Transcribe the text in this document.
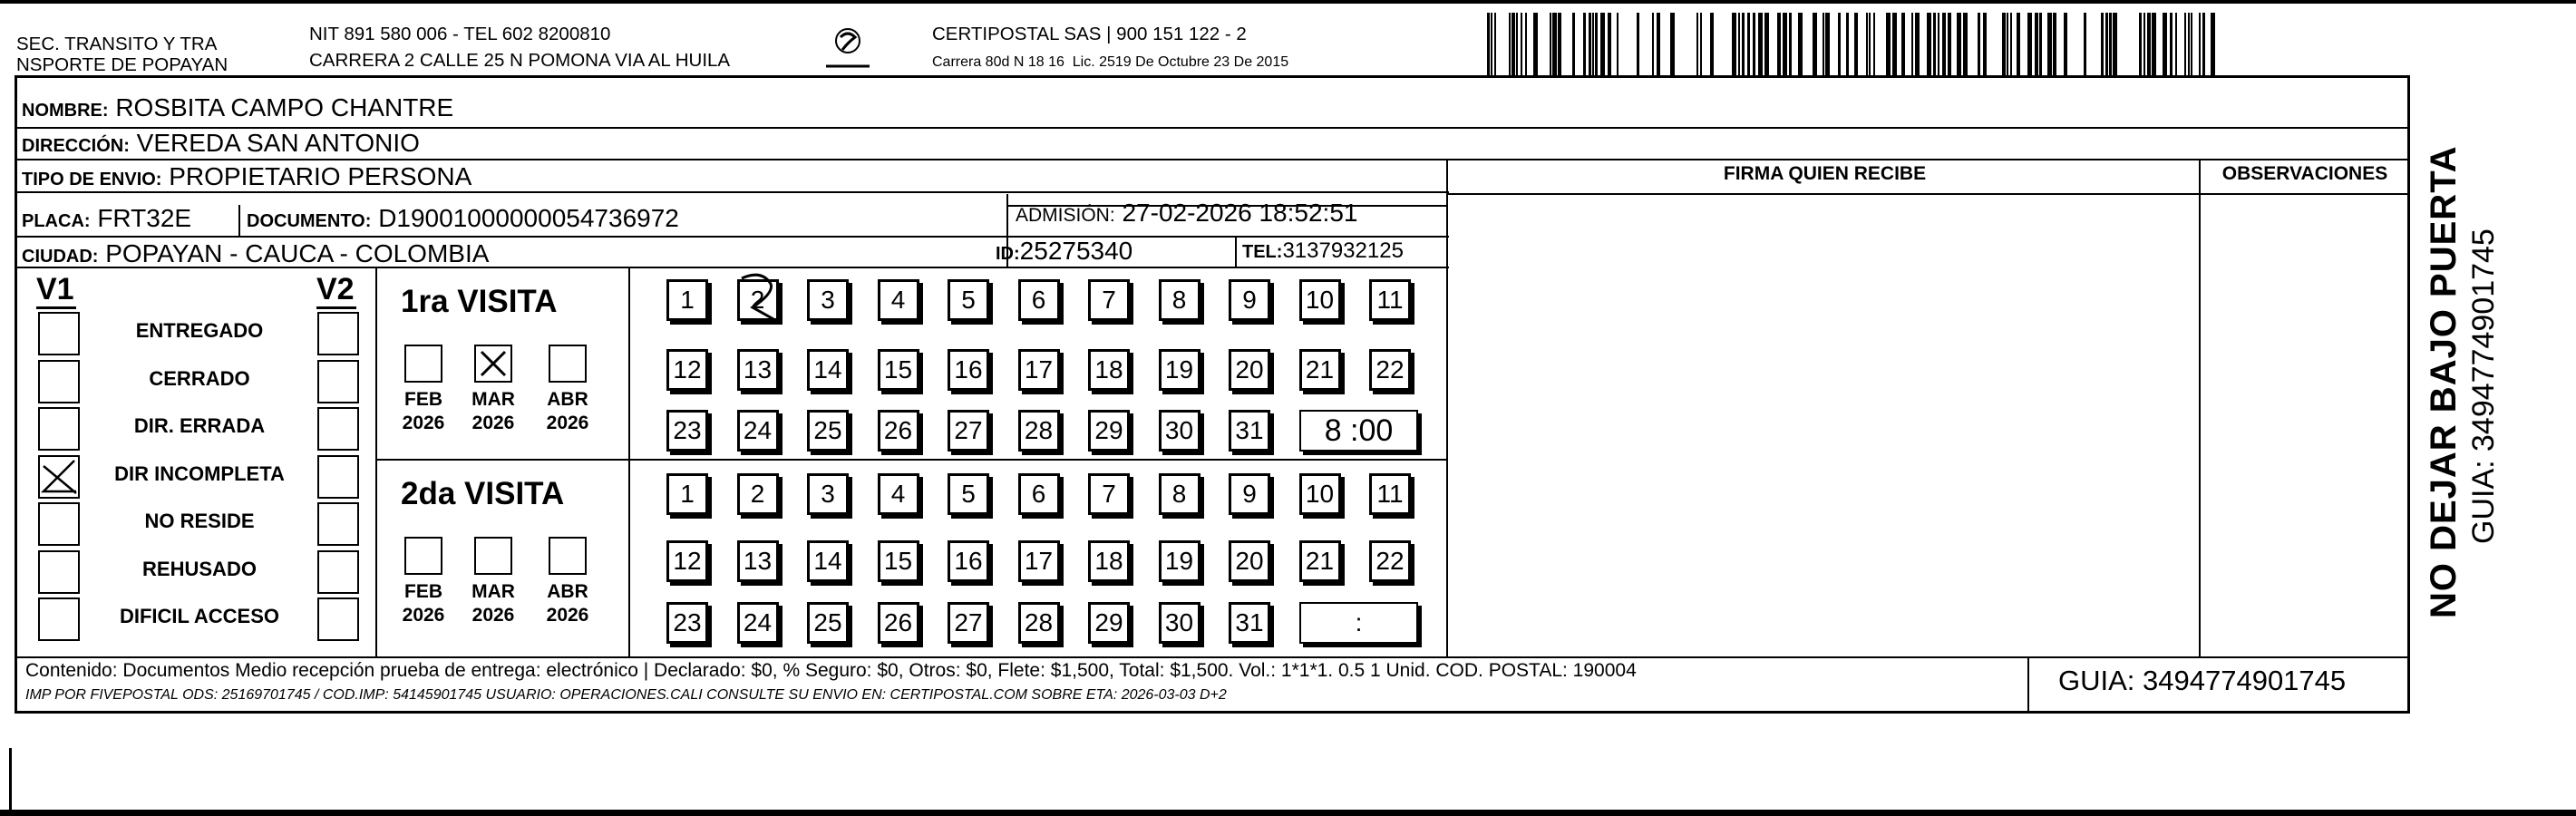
SEC. TRANSITO Y TRA
NSPORTE DE POPAYAN
NIT 891 580 006 - TEL 602 8200810
CARRERA 2 CALLE 25 N POMONA VIA AL HUILA
CERTIPOSTAL SAS | 900 151 122 - 2
Carrera 80d N 18 16  Lic. 2519 De Octubre 23 De 2015
NOMBRE: ROSBITA CAMPO CHANTRE
DIRECCIÓN: VEREDA SAN ANTONIO
TIPO DE ENVIO: PROPIETARIO PERSONA
PLACA: FRT32E	DOCUMENTO: D19001000000054736972	ADMISIÓN: 27-02-2026 18:52:51
CIUDAD: POPAYAN - CAUCA - COLOMBIA	ID:25275340	TEL:3137932125
FIRMA QUIEN RECIBE	OBSERVACIONES
V1	V2
ENTREGADO
CERRADO
DIR. ERRADA
DIR INCOMPLETA
NO RESIDE
REHUSADO
DIFICIL ACCESO
1ra VISITA
2da VISITA
FEB
2026
MAR
2026
ABR
2026
FEB
2026
MAR
2026
ABR
2026
1 2 3 4 5 6 7 8 9 10 11
12 13 14 15 16 17 18 19 20 21 22
23 24 25 26 27 28 29 30 31	8 :00
1 2 3 4 5 6 7 8 9 10 11
12 13 14 15 16 17 18 19 20 21 22
23 24 25 26 27 28 29 30 31	:
Contenido: Documentos Medio recepción prueba de entrega: electrónico | Declarado: $0, % Seguro: $0, Otros: $0, Flete: $1,500, Total: $1,500. Vol.: 1*1*1. 0.5 1 Unid. COD. POSTAL: 190004
IMP POR FIVEPOSTAL ODS: 25169701745 / COD.IMP: 54145901745 USUARIO: OPERACIONES.CALI CONSULTE SU ENVIO EN: CERTIPOSTAL.COM SOBRE ETA: 2026-03-03 D+2	GUIA: 3494774901745
NO DEJAR BAJO PUERTA GUIA: 3494774901745
